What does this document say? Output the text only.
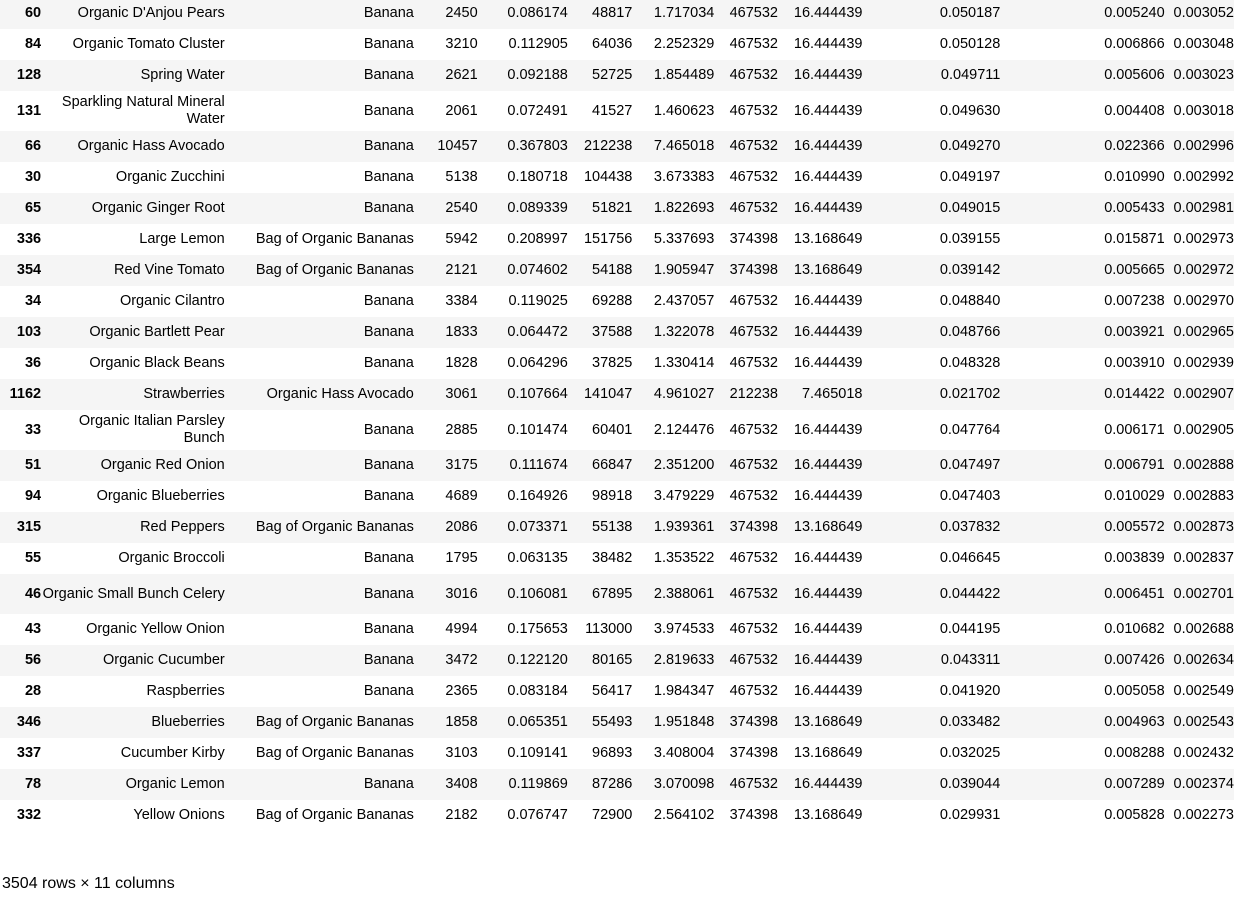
60	Organic D'Anjou Pears	Banana	2450	0.086174	48817	1.717034	467532	16.444439	0.050187	0.005240	0.003052
84	Organic Tomato Cluster	Banana	3210	0.112905	64036	2.252329	467532	16.444439	0.050128	0.006866	0.003048
128	Spring Water	Banana	2621	0.092188	52725	1.854489	467532	16.444439	0.049711	0.005606	0.003023
131	Sparkling Natural Mineral Water	Banana	2061	0.072491	41527	1.460623	467532	16.444439	0.049630	0.004408	0.003018
66	Organic Hass Avocado	Banana	10457	0.367803	212238	7.465018	467532	16.444439	0.049270	0.022366	0.002996
30	Organic Zucchini	Banana	5138	0.180718	104438	3.673383	467532	16.444439	0.049197	0.010990	0.002992
65	Organic Ginger Root	Banana	2540	0.089339	51821	1.822693	467532	16.444439	0.049015	0.005433	0.002981
336	Large Lemon	Bag of Organic Bananas	5942	0.208997	151756	5.337693	374398	13.168649	0.039155	0.015871	0.002973
354	Red Vine Tomato	Bag of Organic Bananas	2121	0.074602	54188	1.905947	374398	13.168649	0.039142	0.005665	0.002972
34	Organic Cilantro	Banana	3384	0.119025	69288	2.437057	467532	16.444439	0.048840	0.007238	0.002970
103	Organic Bartlett Pear	Banana	1833	0.064472	37588	1.322078	467532	16.444439	0.048766	0.003921	0.002965
36	Organic Black Beans	Banana	1828	0.064296	37825	1.330414	467532	16.444439	0.048328	0.003910	0.002939
1162	Strawberries	Organic Hass Avocado	3061	0.107664	141047	4.961027	212238	7.465018	0.021702	0.014422	0.002907
33	Organic Italian Parsley Bunch	Banana	2885	0.101474	60401	2.124476	467532	16.444439	0.047764	0.006171	0.002905
51	Organic Red Onion	Banana	3175	0.111674	66847	2.351200	467532	16.444439	0.047497	0.006791	0.002888
94	Organic Blueberries	Banana	4689	0.164926	98918	3.479229	467532	16.444439	0.047403	0.010029	0.002883
315	Red Peppers	Bag of Organic Bananas	2086	0.073371	55138	1.939361	374398	13.168649	0.037832	0.005572	0.002873
55	Organic Broccoli	Banana	1795	0.063135	38482	1.353522	467532	16.444439	0.046645	0.003839	0.002837
46	Organic Small Bunch Celery	Banana	3016	0.106081	67895	2.388061	467532	16.444439	0.044422	0.006451	0.002701
43	Organic Yellow Onion	Banana	4994	0.175653	113000	3.974533	467532	16.444439	0.044195	0.010682	0.002688
56	Organic Cucumber	Banana	3472	0.122120	80165	2.819633	467532	16.444439	0.043311	0.007426	0.002634
28	Raspberries	Banana	2365	0.083184	56417	1.984347	467532	16.444439	0.041920	0.005058	0.002549
346	Blueberries	Bag of Organic Bananas	1858	0.065351	55493	1.951848	374398	13.168649	0.033482	0.004963	0.002543
337	Cucumber Kirby	Bag of Organic Bananas	3103	0.109141	96893	3.408004	374398	13.168649	0.032025	0.008288	0.002432
78	Organic Lemon	Banana	3408	0.119869	87286	3.070098	467532	16.444439	0.039044	0.007289	0.002374
332	Yellow Onions	Bag of Organic Bananas	2182	0.076747	72900	2.564102	374398	13.168649	0.029931	0.005828	0.002273
3504 rows × 11 columns
